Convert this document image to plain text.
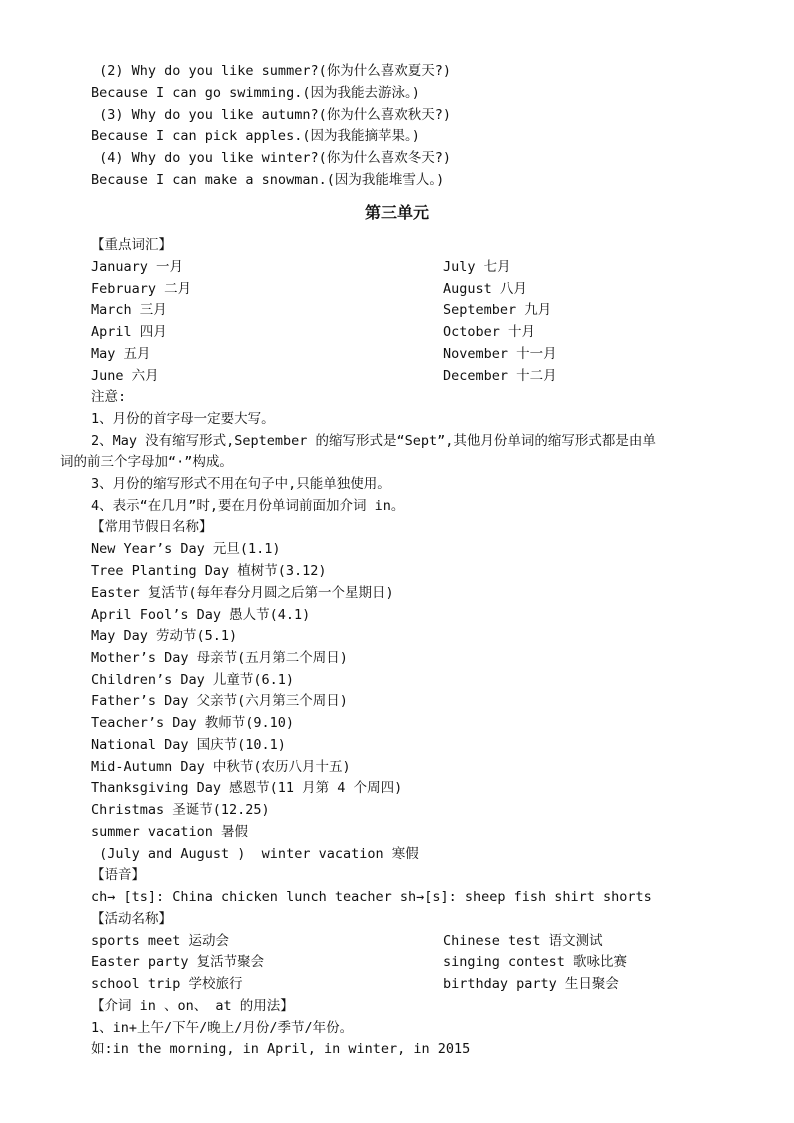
(2) Why do you like summer?(你为什么喜欢夏天?)
Because I can go swimming.(因为我能去游泳。)
(3) Why do you like autumn?(你为什么喜欢秋天?)
Because I can pick apples.(因为我能摘苹果。)
(4) Why do you like winter?(你为什么喜欢冬天?)
Because I can make a snowman.(因为我能堆雪人。)
第三单元
【重点词汇】
January 一月	July 七月
February 二月	August 八月
March 三月	September 九月
April 四月	October 十月
May 五月	November 十一月
June 六月	December 十二月
注意:
1、月份的首字母一定要大写。
2、May 没有缩写形式,September 的缩写形式是“Sept”,其他月份单词的缩写形式都是由单
词的前三个字母加“·”构成。
3、月份的缩写形式不用在句子中,只能单独使用。
4、表示“在几月”时,要在月份单词前面加介词 in。
【常用节假日名称】
New Year’s Day 元旦(1.1)
Tree Planting Day 植树节(3.12)
Easter 复活节(每年春分月圆之后第一个星期日)
April Fool’s Day 愚人节(4.1)
May Day 劳动节(5.1)
Mother’s Day 母亲节(五月第二个周日)
Children’s Day 儿童节(6.1)
Father’s Day 父亲节(六月第三个周日)
Teacher’s Day 教师节(9.10)
National Day 国庆节(10.1)
Mid-Autumn Day 中秋节(农历八月十五)
Thanksgiving Day 感恩节(11 月第 4 个周四)
Christmas 圣诞节(12.25)
summer vacation 暑假
(July and August )  winter vacation 寒假
【语音】
ch→ [ts]: China chicken lunch teacher sh→[s]: sheep fish shirt shorts
【活动名称】
sports meet 运动会	Chinese test 语文测试
Easter party 复活节聚会	singing contest 歌咏比赛
school trip 学校旅行	birthday party 生日聚会
【介词 in 、on、 at 的用法】
1、in+上午/下午/晚上/月份/季节/年份。
如:in the morning, in April, in winter, in 2015
